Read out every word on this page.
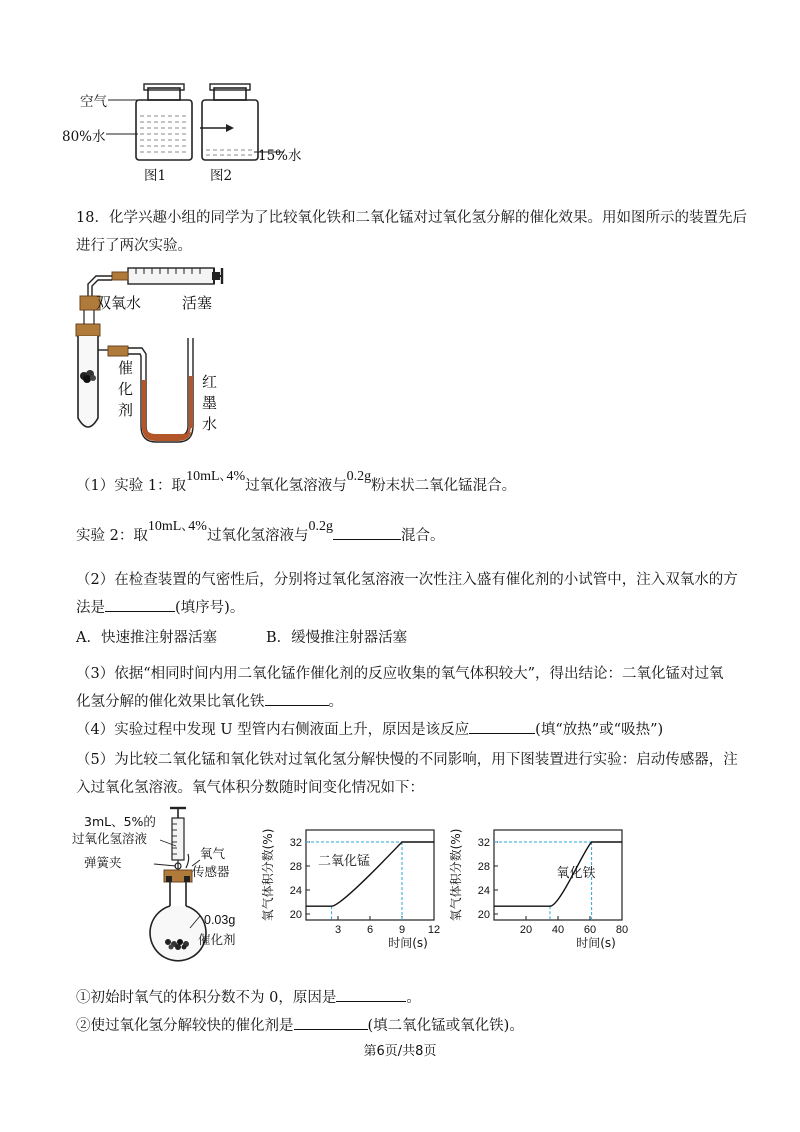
空气
80%水
15%水
图1	图2
18．化学兴趣小组的同学为了比较氧化铁和二氧化锰对过氧化氢分解的催化效果。用如图所示的装置先后
进行了两次实验。
双氧水	活塞
催
化
剂
红
墨
水
（1）实验 1：取10mL､4%过氧化氢溶液与0.2g粉末状二氧化锰混合。
实验 2：取10mL､4%过氧化氢溶液与0.2g混合。
（2）在检查装置的气密性后，分别将过氧化氢溶液一次性注入盛有催化剂的小试管中，注入双氧水的方
法是	(填序号)。
A．快速推注射器活塞	B．缓慢推注射器活塞
（3）依据“相同时间内用二氧化锰作催化剂的反应收集的氧气体积较大”，得出结论：二氧化锰对过氧
化氢分解的催化效果比氧化铁	。
（4）实验过程中发现 U 型管内右侧液面上升，原因是该反应	(填“放热”或“吸热”)
（5）为比较二氧化锰和氧化铁对过氧化氢分解快慢的不同影响，用下图装置进行实验：启动传感器，注
入过氧化氢溶液。氧气体积分数随时间变化情况如下：
3mL、5%的
过氧化氢溶液
弹簧夹
氧气
传感器
0.03g
催化剂
20
24
28
32
3 6 9 12
二氧化锰
氧气体积分数(%)
时间(s)
20
24
28
32
20 40 60 80
氧化铁
氧气体积分数(%)
时间(s)
①初始时氧气的体积分数不为 0，原因是	。
②使过氧化氢分解较快的催化剂是	(填二氧化锰或氧化铁)。
第6页/共8页
